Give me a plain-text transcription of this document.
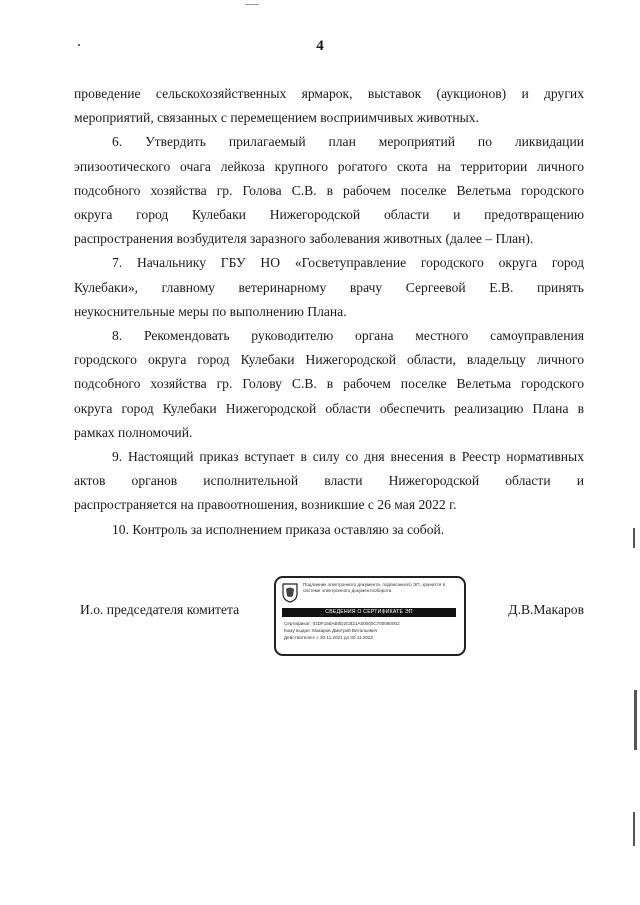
4
проведение сельскохозяйственных ярмарок, выставок (аукционов) и других
мероприятий, связанных с перемещением восприимчивых животных.
6. Утвердить прилагаемый план мероприятий по ликвидации
эпизоотического очага лейкоза крупного рогатого скота на территории личного
подсобного хозяйства гр. Голова С.В. в рабочем поселке Велетьма городского
округа город Кулебаки Нижегородской области и предотвращению
распространения возбудителя заразного заболевания животных (далее – План).
7. Начальнику ГБУ НО «Госветуправление городского округа город
Кулебаки», главному ветеринарному врачу Сергеевой Е.В. принять
неукоснительные меры по выполнению Плана.
8. Рекомендовать руководителю органа местного самоуправления
городского округа город Кулебаки Нижегородской области, владельцу личного
подсобного хозяйства гр. Голову С.В. в рабочем поселке Велетьма городского
округа город Кулебаки Нижегородской области обеспечить реализацию Плана в
рамках полномочий.
9. Настоящий приказ вступает в силу со дня внесения в Реестр нормативных
актов органов исполнительной власти Нижегородской области и
распространяется на правоотношения, возникшие с 26 мая 2022 г.
10. Контроль за исполнением приказа оставляю за собой.
И.о. председателя комитета	Д.В.Макаров
Подлинник электронного документа, подписанного ЭП, хранится в системе электронного документооборота
СВЕДЕНИЯ О СЕРТИФИКАТЕ ЭП
Сертификат: 01DF158AB0D2CB21A00000C700060002
Кому выдан: Макаров Дмитрий Витальевич
Действителен: с 30.11.2021 до 30.11.2022
